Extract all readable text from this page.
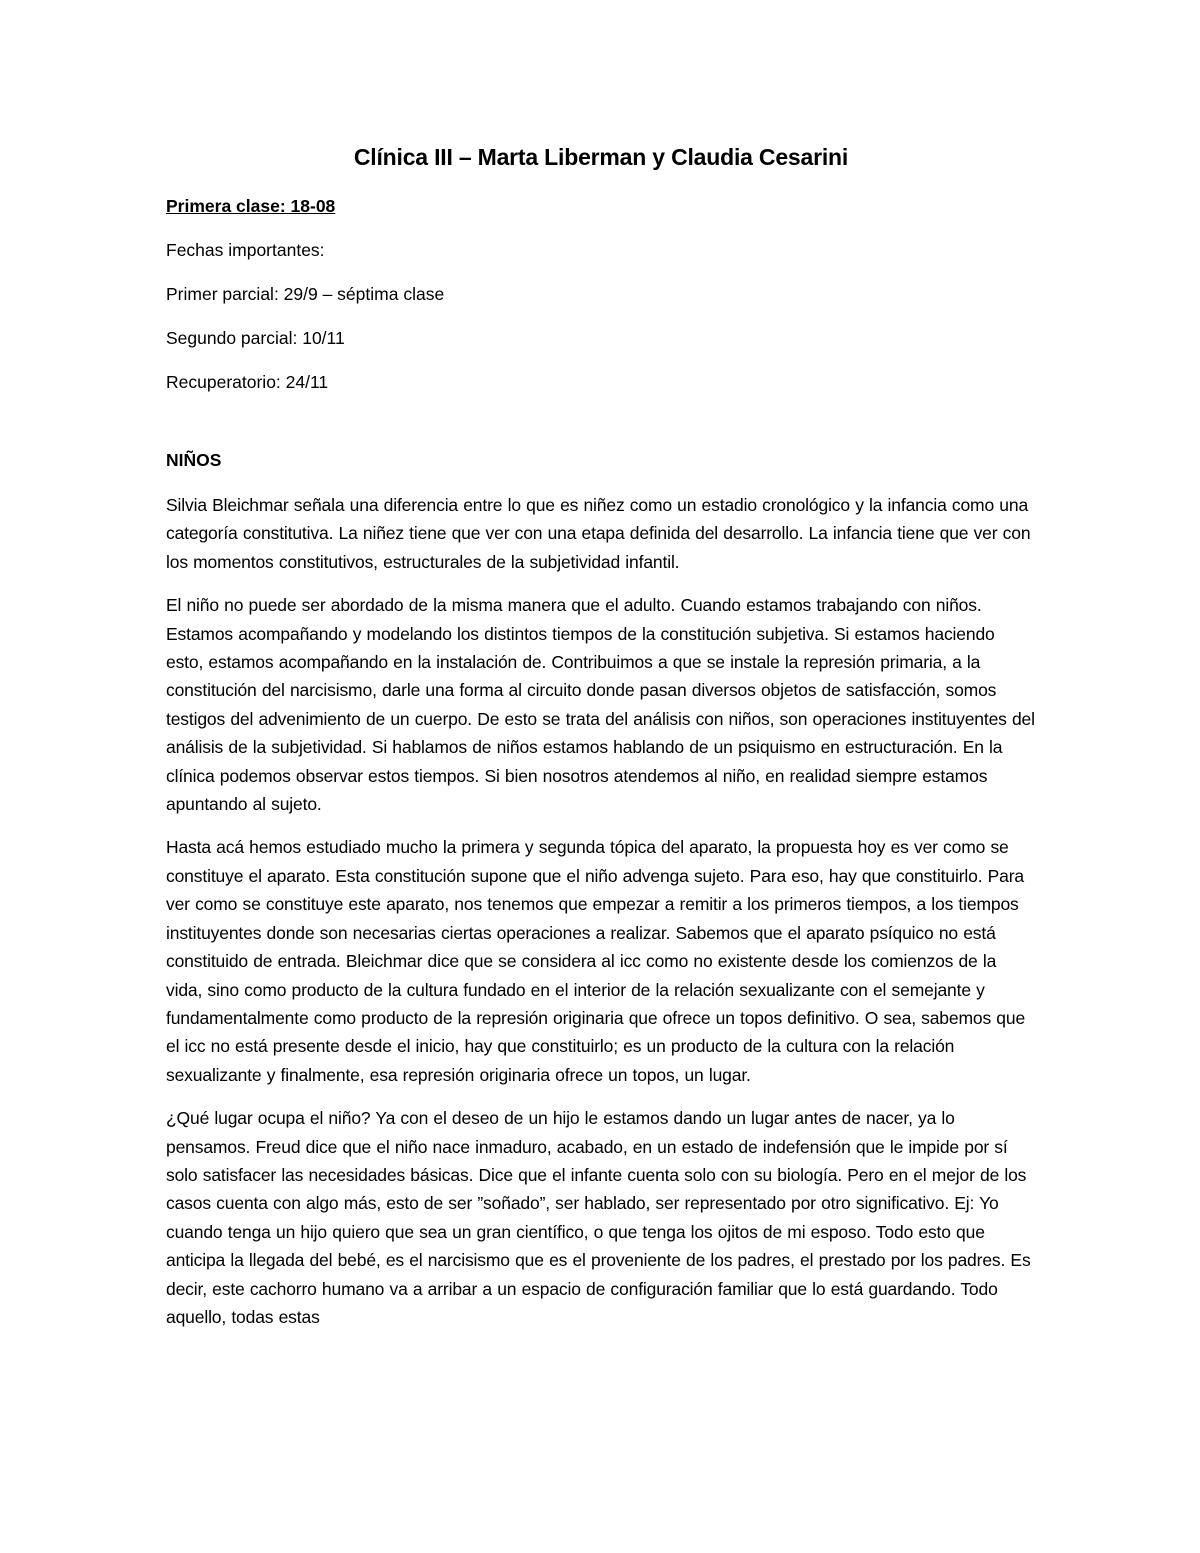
Clínica III – Marta Liberman y Claudia Cesarini
Primera clase: 18-08
Fechas importantes:
Primer parcial: 29/9 – séptima clase
Segundo parcial: 10/11
Recuperatorio: 24/11
NIÑOS

Silvia Bleichmar señala una diferencia entre lo que es niñez como un estadio cronológico y la infancia como una categoría constitutiva. La niñez tiene que ver con una etapa definida del desarrollo. La infancia tiene que ver con los momentos constitutivos, estructurales de la subjetividad infantil.

El niño no puede ser abordado de la misma manera que el adulto. Cuando estamos trabajando con niños. Estamos acompañando y modelando los distintos tiempos de la constitución subjetiva. Si estamos haciendo esto, estamos acompañando en la instalación de. Contribuimos a que se instale la represión primaria, a la constitución del narcisismo, darle una forma al circuito donde pasan diversos objetos de satisfacción, somos testigos del advenimiento de un cuerpo. De esto se trata del análisis con niños, son operaciones instituyentes del análisis de la subjetividad. Si hablamos de niños estamos hablando de un psiquismo en estructuración. En la clínica podemos observar estos tiempos. Si bien nosotros atendemos al niño, en realidad siempre estamos apuntando al sujeto.

Hasta acá hemos estudiado mucho la primera y segunda tópica del aparato, la propuesta hoy es ver como se constituye el aparato. Esta constitución supone que el niño advenga sujeto. Para eso, hay que constituirlo. Para ver como se constituye este aparato, nos tenemos que empezar a remitir a los primeros tiempos, a los tiempos instituyentes donde son necesarias ciertas operaciones a realizar. Sabemos que el aparato psíquico no está constituido de entrada. Bleichmar dice que se considera al icc como no existente desde los comienzos de la vida, sino como producto de la cultura fundado en el interior de la relación sexualizante con el semejante y fundamentalmente como producto de la represión originaria que ofrece un topos definitivo. O sea, sabemos que el icc no está presente desde el inicio, hay que constituirlo; es un producto de la cultura con la relación sexualizante y finalmente, esa represión originaria ofrece un topos, un lugar.

¿Qué lugar ocupa el niño? Ya con el deseo de un hijo le estamos dando un lugar antes de nacer, ya lo pensamos. Freud dice que el niño nace inmaduro, acabado, en un estado de indefensión que le impide por sí solo satisfacer las necesidades básicas. Dice que el infante cuenta solo con su biología. Pero en el mejor de los casos cuenta con algo más, esto de ser ”soñado”, ser hablado, ser representado por otro significativo. Ej: Yo cuando tenga un hijo quiero que sea un gran científico, o que tenga los ojitos de mi esposo. Todo esto que anticipa la llegada del bebé, es el narcisismo que es el proveniente de los padres, el prestado por los padres. Es decir, este cachorro humano va a arribar a un espacio de configuración familiar que lo está guardando. Todo aquello, todas estas
